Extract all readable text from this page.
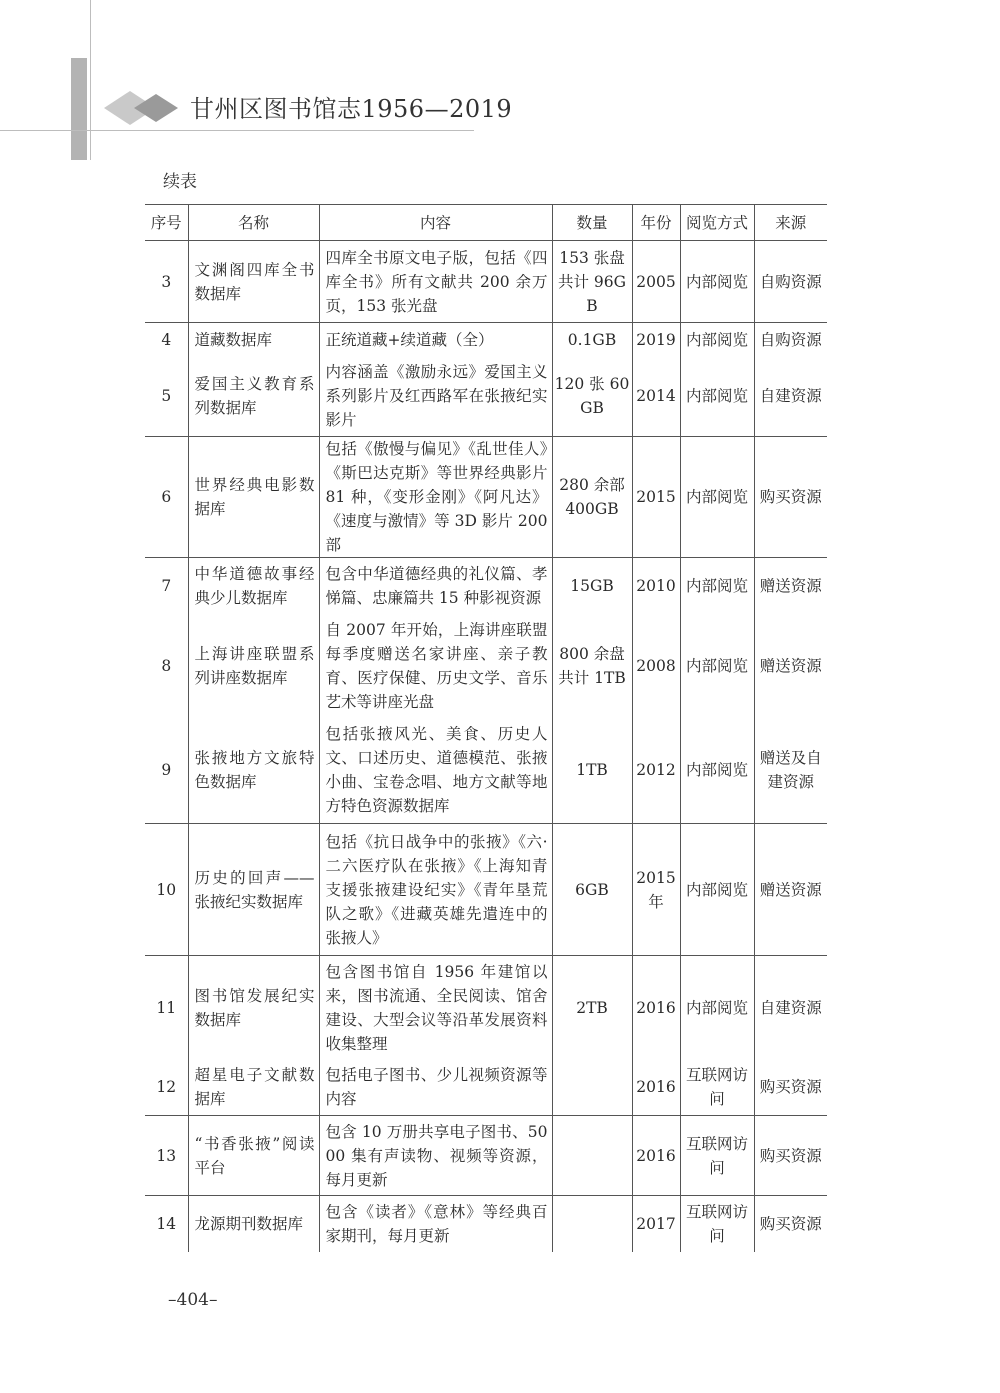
甘州区图书馆志1956—2019
续表
序号	名称	内容	数量	年份	阅览方式	来源
3	文渊阁四库全书数据库	四库全书原文电子版，包括《四库全书》所有文献共 200 余万页，153 张光盘	153 张盘共计 96GB	2005	内部阅览	自购资源
4	道藏数据库	正统道藏+续道藏（全）	0.1GB	2019	内部阅览	自购资源
5	爱国主义教育系列数据库	内容涵盖《激励永远》爱国主义系列影片及红西路军在张掖纪实影片	120 张 60GB	2014	内部阅览	自建资源
6	世界经典电影数据库	包括《傲慢与偏见》《乱世佳人》《斯巴达克斯》等世界经典影片 81 种，《变形金刚》《阿凡达》《速度与激情》等 3D 影片 200 部	280 余部 400GB	2015	内部阅览	购买资源
7	中华道德故事经典少儿数据库	包含中华道德经典的礼仪篇、孝悌篇、忠廉篇共 15 种影视资源	15GB	2010	内部阅览	赠送资源
8	上海讲座联盟系列讲座数据库	自 2007 年开始，上海讲座联盟每季度赠送名家讲座、亲子教育、医疗保健、历史文学、音乐艺术等讲座光盘	800 余盘共计 1TB	2008	内部阅览	赠送资源
9	张掖地方文旅特色数据库	包括张掖风光、美食、历史人文、口述历史、道德模范、张掖小曲、宝卷念唱、地方文献等地方特色资源数据库	1TB	2012	内部阅览	赠送及自建资源
10	历史的回声——张掖纪实数据库	包括《抗日战争中的张掖》《六·二六医疗队在张掖》《上海知青支援张掖建设纪实》《青年垦荒队之歌》《进藏英雄先遣连中的张掖人》	6GB	2015 年	内部阅览	赠送资源
11	图书馆发展纪实数据库	包含图书馆自 1956 年建馆以来，图书流通、全民阅读、馆舍建设、大型会议等沿革发展资料收集整理	2TB	2016	内部阅览	自建资源
12	超星电子文献数据库	包括电子图书、少儿视频资源等内容		2016	互联网访问	购买资源
13	“书香张掖”阅读平台	包含 10 万册共享电子图书、5000 集有声读物、视频等资源，每月更新		2016	互联网访问	购买资源
14	龙源期刊数据库	包含《读者》《意林》等经典百家期刊，每月更新		2017	互联网访问	购买资源
–404–
